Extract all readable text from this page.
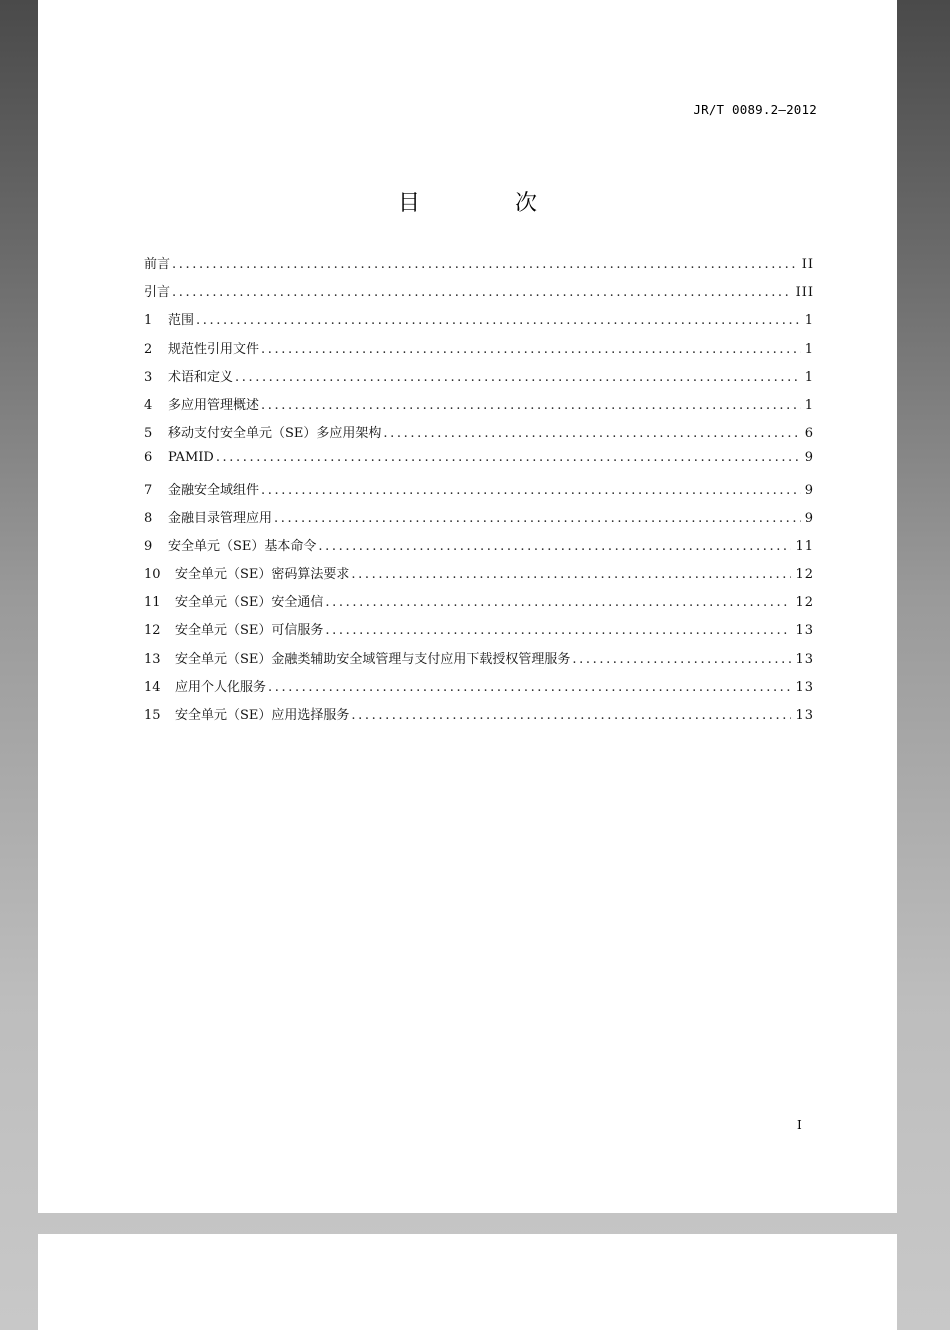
JR/T 0089.2—2012
目 次
前言 .....	II
引言 .....	III
1	范围 .....	1
2	规范性引用文件 .....	1
3	术语和定义 .....	1
4	多应用管理概述 .....	1
5	移动支付安全单元（SE）多应用架构 .....	6
6	PAMID .....	9
7	金融安全域组件 .....	9
8	金融目录管理应用 .....	9
9	安全单元（SE）基本命令 .....	11
10	安全单元（SE）密码算法要求 .....	12
11	安全单元（SE）安全通信 .....	12
12	安全单元（SE）可信服务 .....	13
13	安全单元（SE）金融类辅助安全域管理与支付应用下载授权管理服务 .....	13
14	应用个人化服务 .....	13
15	安全单元（SE）应用选择服务 .....	13
I
